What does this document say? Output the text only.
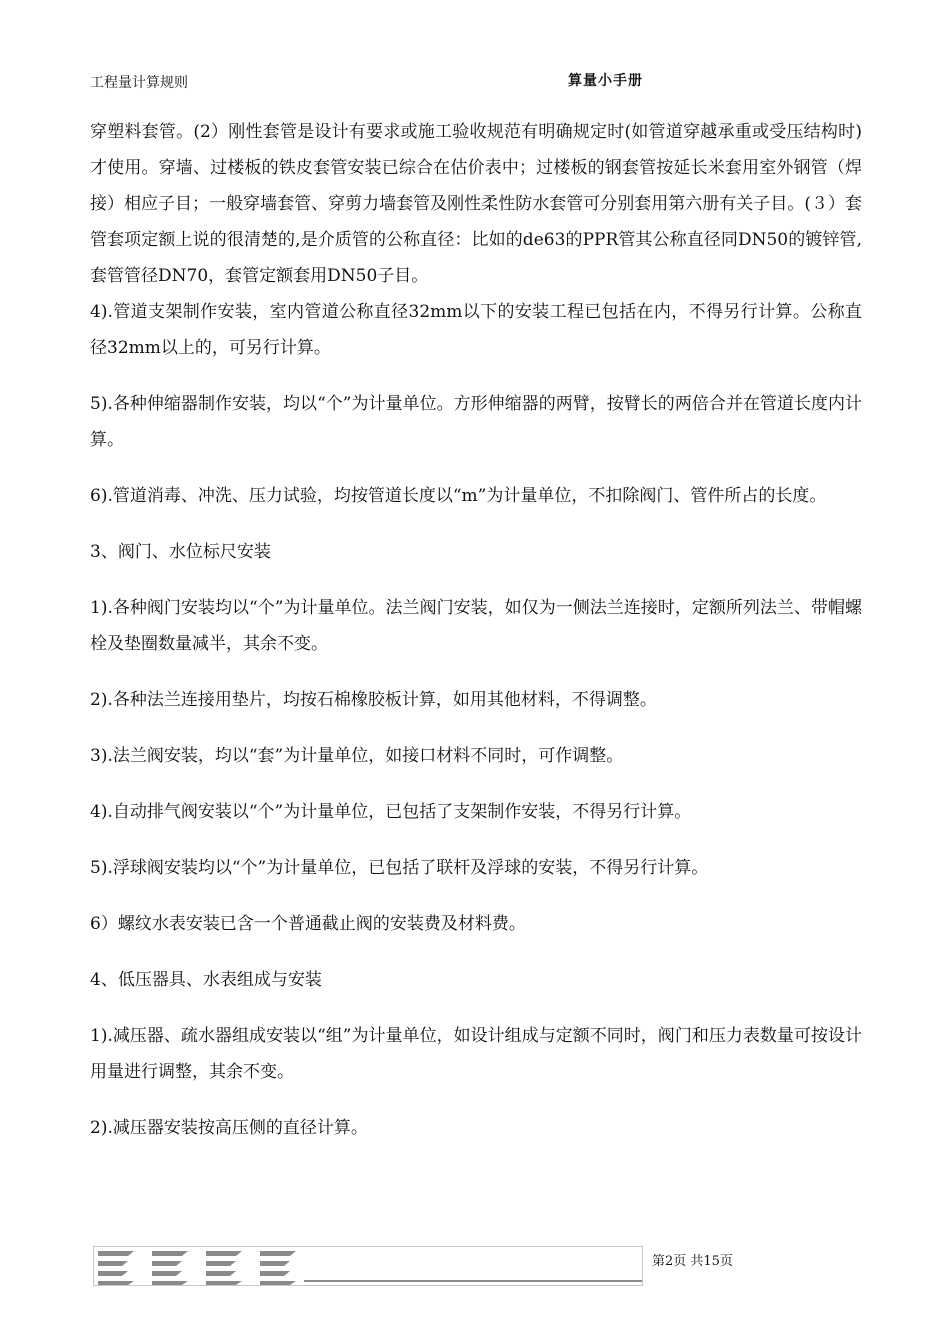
工程量计算规则	算量小手册

穿塑料套管。(2）刚性套管是设计有要求或施工验收规范有明确规定时(如管道穿越承重或受压结构时)才使用。穿墙、过楼板的铁皮套管安装已综合在估价表中；过楼板的钢套管按延长米套用室外钢管（焊接）相应子目；一般穿墙套管、穿剪力墙套管及刚性柔性防水套管可分别套用第六册有关子目。(３）套管套项定额上说的很清楚的,是介质管的公称直径：比如的de63的PPR管其公称直径同DN50的镀锌管,套管管径DN70，套管定额套用DN50子目。

4).管道支架制作安装，室内管道公称直径32mm以下的安装工程已包括在内，不得另行计算。公称直径32mm以上的，可另行计算。

5).各种伸缩器制作安装，均以“个”为计量单位。方形伸缩器的两臂，按臂长的两倍合并在管道长度内计算。

6).管道消毒、冲洗、压力试验，均按管道长度以“m”为计量单位，不扣除阀门、管件所占的长度。

3、阀门、水位标尺安装

1).各种阀门安装均以“个”为计量单位。法兰阀门安装，如仅为一侧法兰连接时，定额所列法兰、带帽螺栓及垫圈数量减半，其余不变。

2).各种法兰连接用垫片，均按石棉橡胶板计算，如用其他材料，不得调整。

3).法兰阀安装，均以“套”为计量单位，如接口材料不同时，可作调整。

4).自动排气阀安装以“个”为计量单位，已包括了支架制作安装，不得另行计算。

5).浮球阀安装均以“个”为计量单位，已包括了联杆及浮球的安装，不得另行计算。

6）螺纹水表安装已含一个普通截止阀的安装费及材料费。

4、低压器具、水表组成与安装

1).减压器、疏水器组成安装以“组”为计量单位，如设计组成与定额不同时，阀门和压力表数量可按设计用量进行调整，其余不变。

2).减压器安装按高压侧的直径计算。

第2页 共15页
